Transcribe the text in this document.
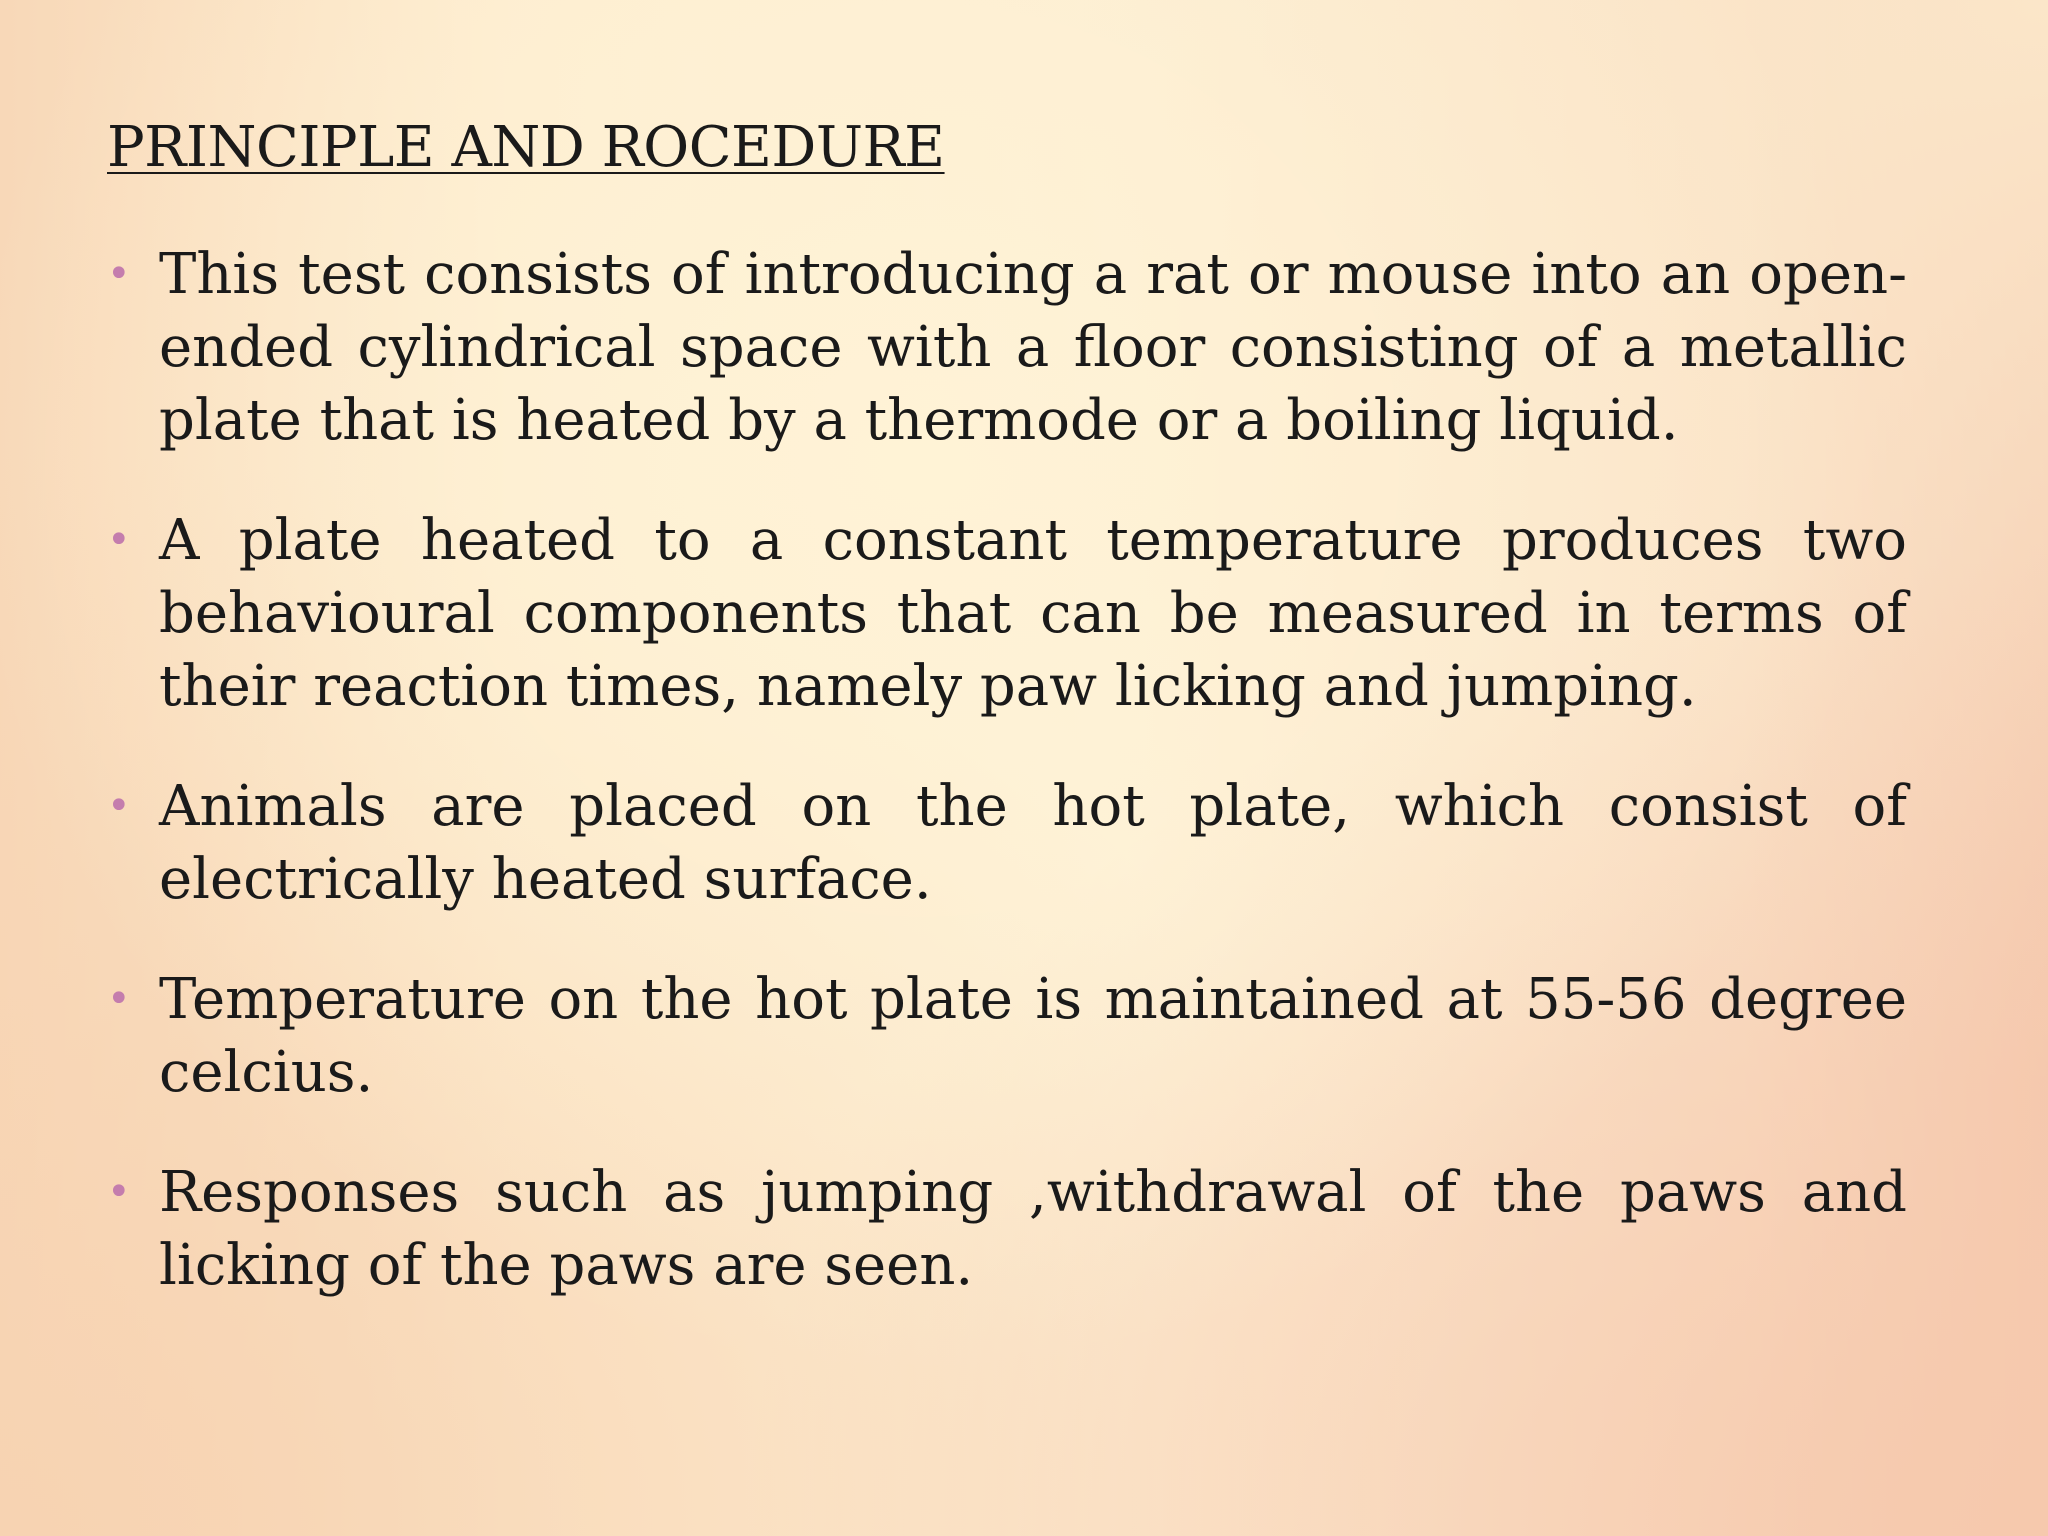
PRINCIPLE AND ROCEDURE
• This test consists of introducing a rat or mouse into an open-ended cylindrical space with a floor consisting of a metallic plate that is heated by a thermode or a boiling liquid.
• A plate heated to a constant temperature produces two behavioural components that can be measured in terms of their reaction times, namely paw licking and jumping.
• Animals are placed on the hot plate, which consist of electrically heated surface.
• Temperature on the hot plate is maintained at 55-56 degree celcius.
• Responses such as jumping ,withdrawal of the paws and licking of the paws are seen.
